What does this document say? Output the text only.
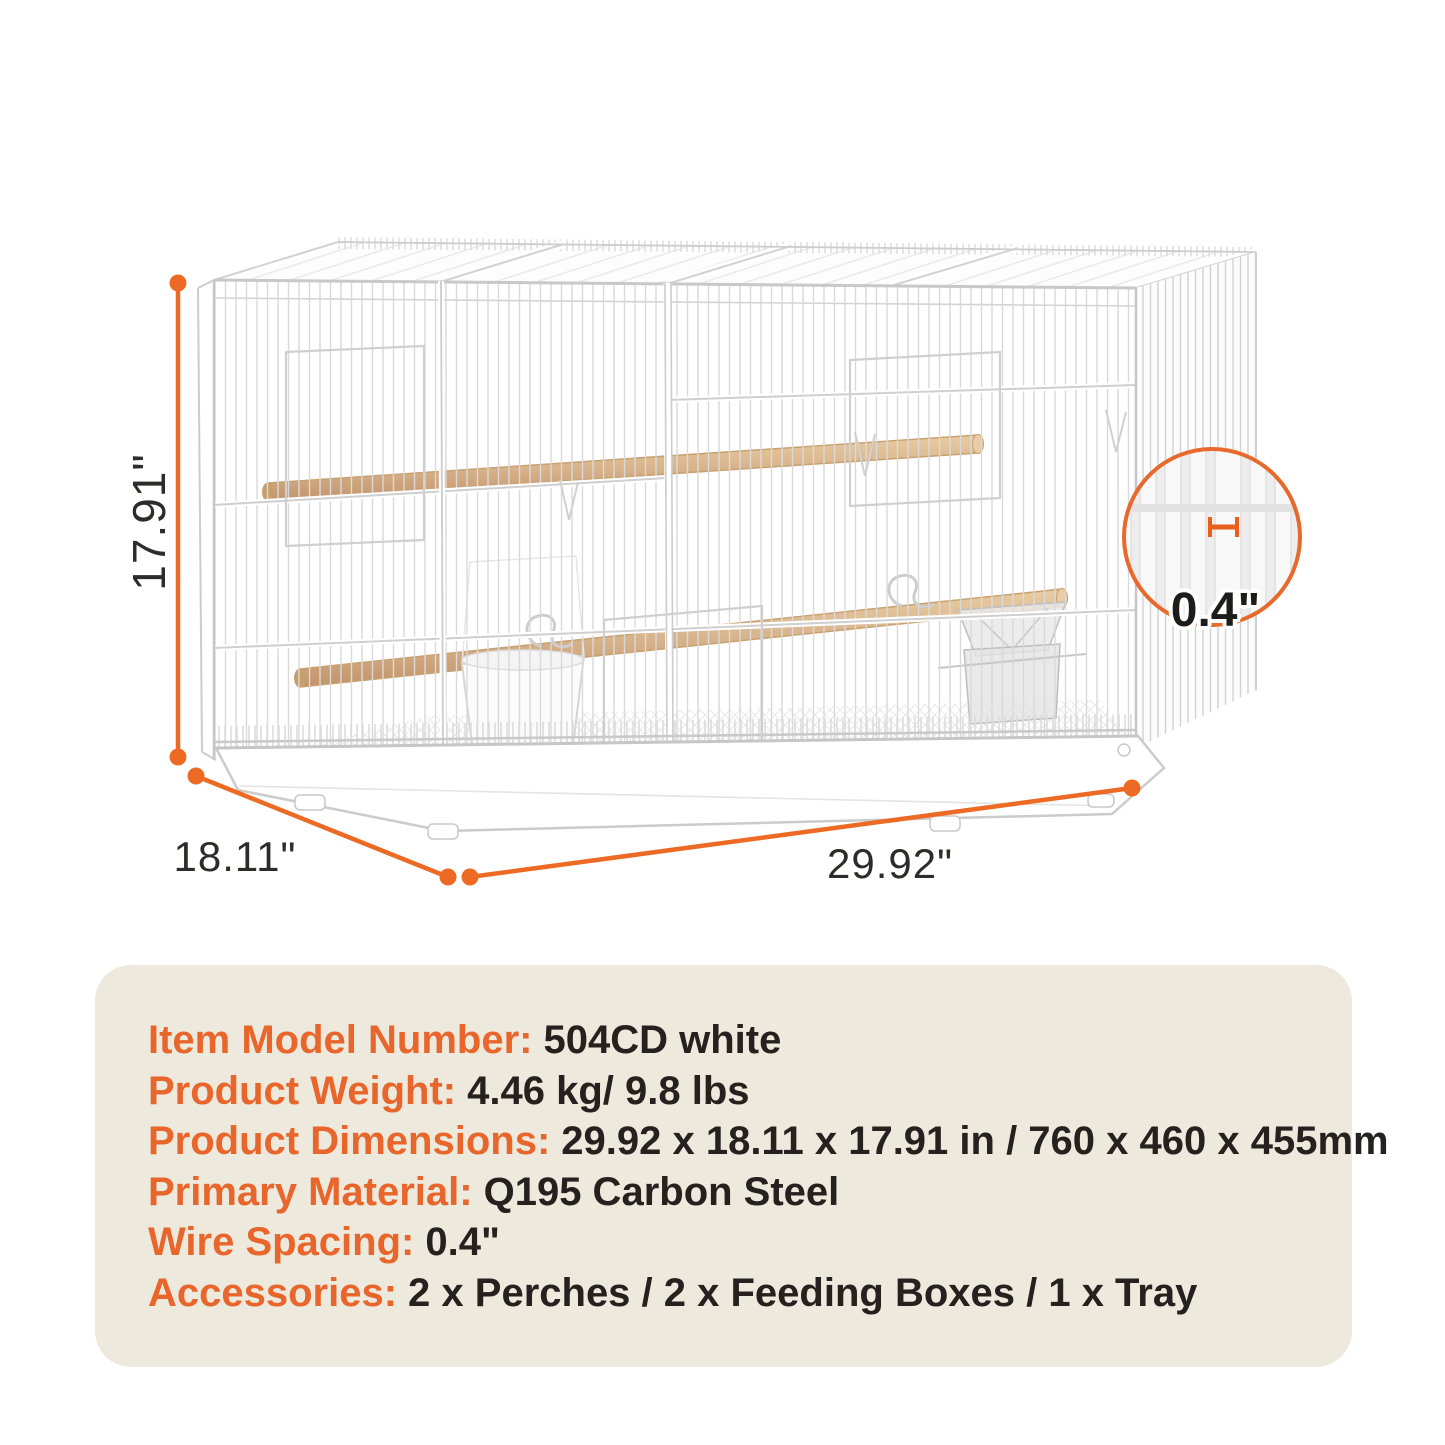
17.91"
18.11"	29.92"
0.4"
Item Model Number: 504CD white
Product Weight: 4.46 kg/ 9.8 lbs
Product Dimensions: 29.92 x 18.11 x 17.91 in / 760 x 460 x 455mm
Primary Material: Q195 Carbon Steel
Wire Spacing: 0.4"
Accessories: 2 x Perches / 2 x Feeding Boxes / 1 x Tray
